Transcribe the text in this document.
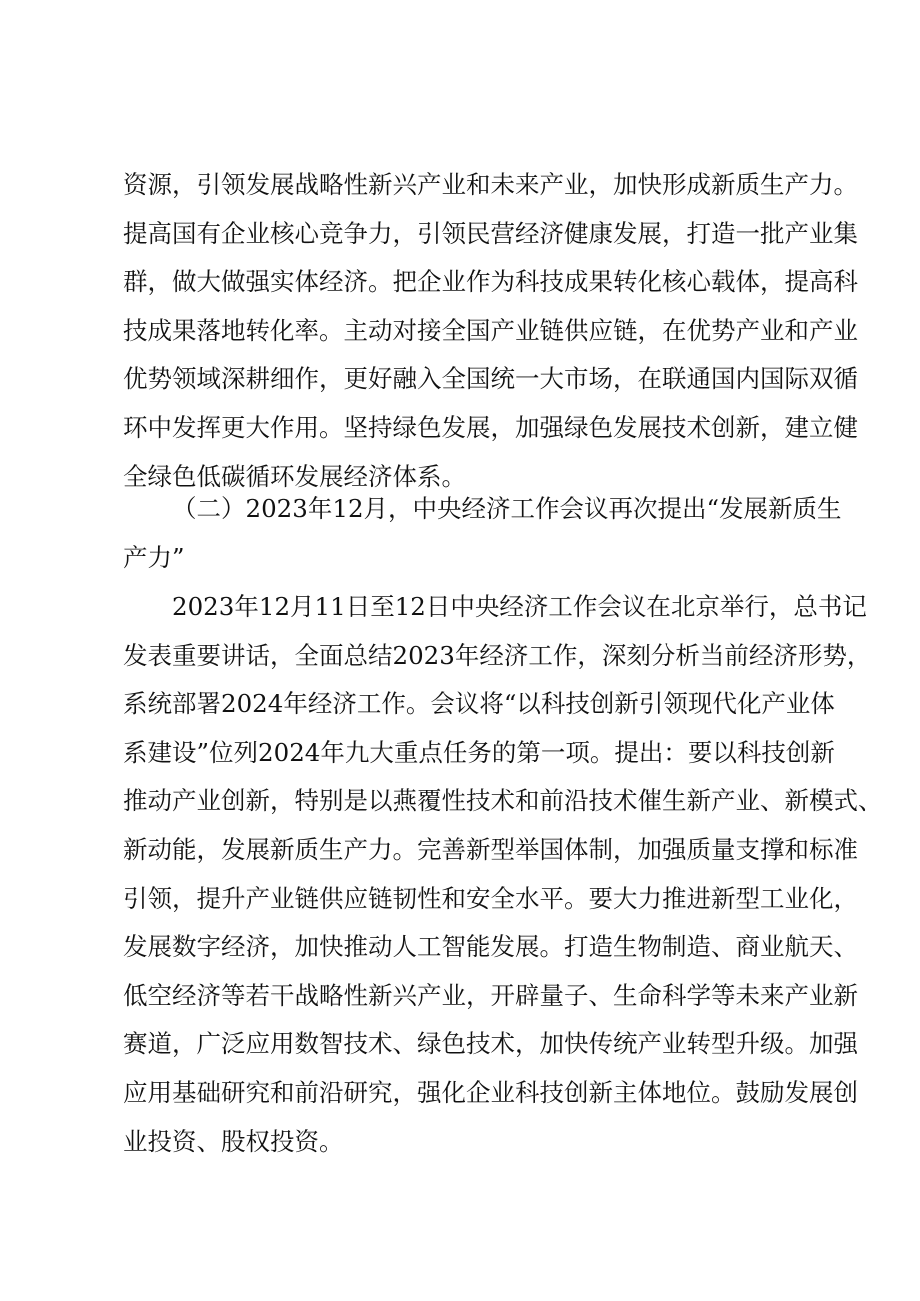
资源，引领发展战略性新兴产业和未来产业，加快形成新质生产力。
提高国有企业核心竞争力，引领民营经济健康发展，打造一批产业集
群，做大做强实体经济。把企业作为科技成果转化核心载体，提高科
技成果落地转化率。主动对接全国产业链供应链，在优势产业和产业
优势领域深耕细作，更好融入全国统一大市场，在联通国内国际双循
环中发挥更大作用。坚持绿色发展，加强绿色发展技术创新，建立健
全绿色低碳循环发展经济体系。
（二）2023年12月，中央经济工作会议再次提出“发展新质生
产力”
2023年12月11日至12日中央经济工作会议在北京举行，总书记
发表重要讲话，全面总结2023年经济工作，深刻分析当前经济形势，
系统部署2024年经济工作。会议将“以科技创新引领现代化产业体
系建设”位列2024年九大重点任务的第一项。提出：要以科技创新
推动产业创新，特别是以燕覆性技术和前沿技术催生新产业、新模式、
新动能，发展新质生产力。完善新型举国体制，加强质量支撑和标准
引领，提升产业链供应链韧性和安全水平。要大力推进新型工业化，
发展数字经济，加快推动人工智能发展。打造生物制造、商业航天、
低空经济等若干战略性新兴产业，开辟量子、生命科学等未来产业新
赛道，广泛应用数智技术、绿色技术，加快传统产业转型升级。加强
应用基础研究和前沿研究，强化企业科技创新主体地位。鼓励发展创
业投资、股权投资。
